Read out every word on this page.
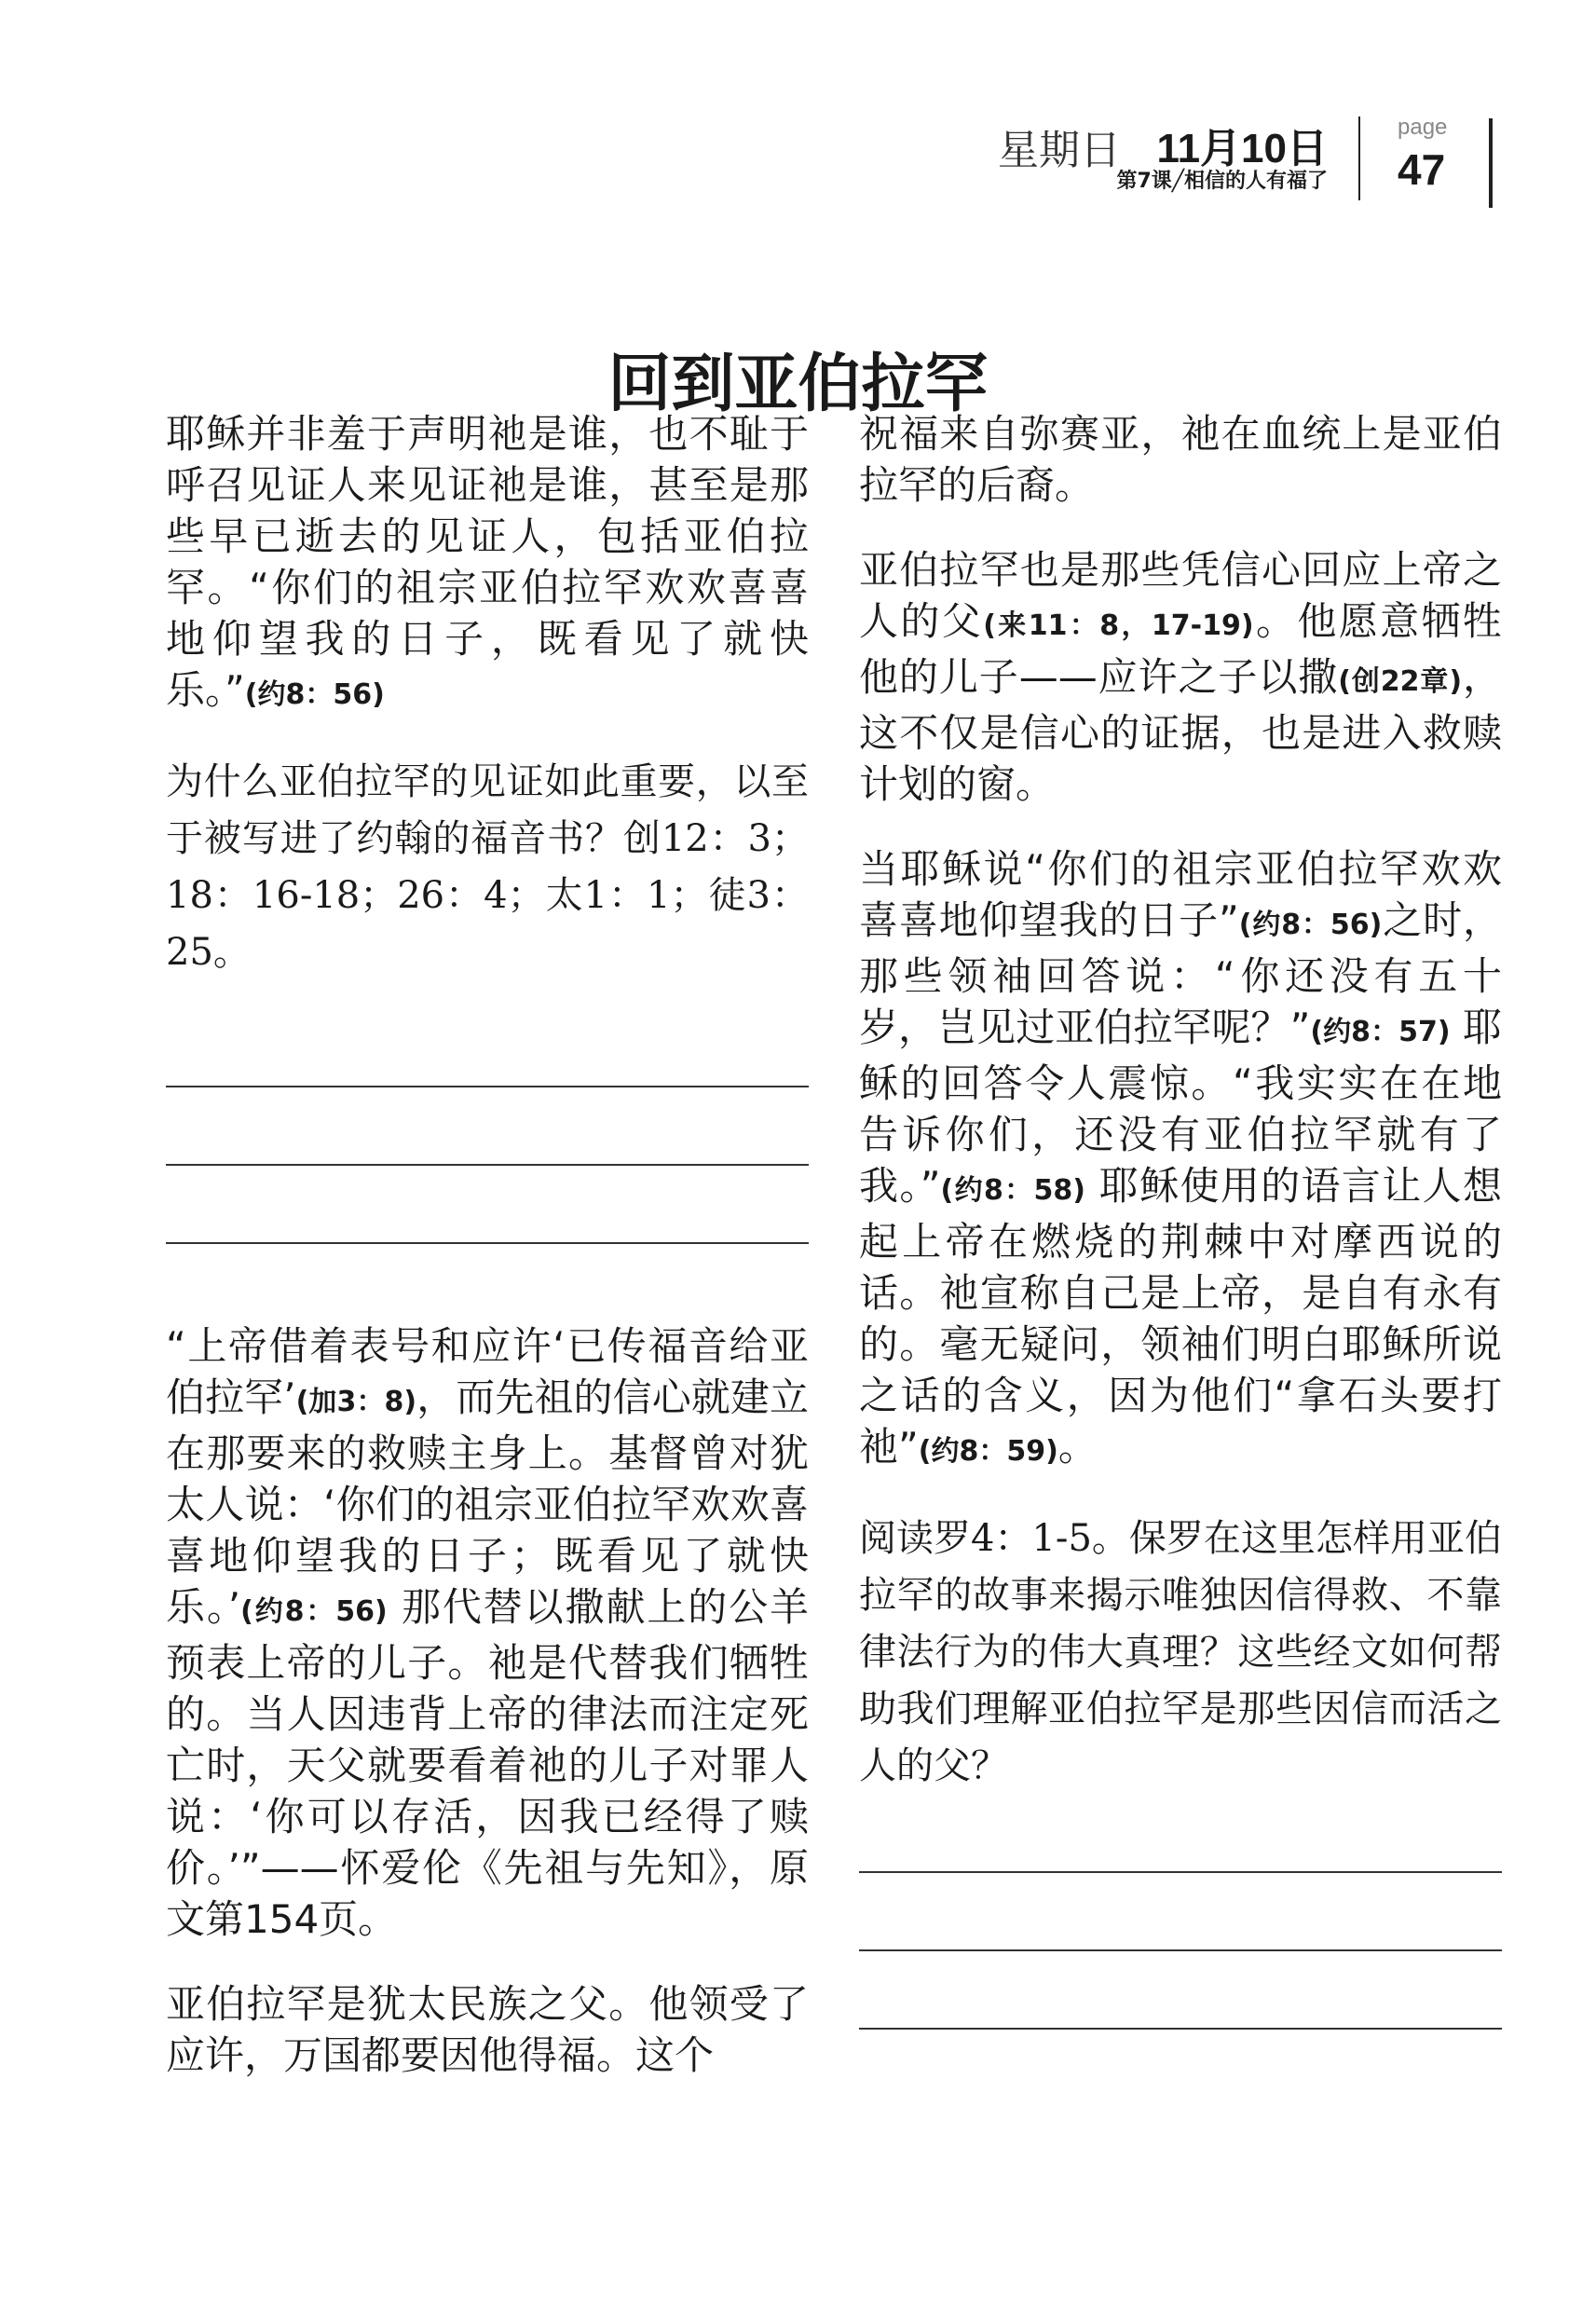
星期日 11月10日
第7课╱相信的人有福了
page
47
回到亚伯拉罕

耶稣并非羞于声明祂是谁，也不耻于呼召见证人来见证祂是谁，甚至是那些早已逝去的见证人，包括亚伯拉罕。“你们的祖宗亚伯拉罕欢欢喜喜地仰望我的日子，既看见了就快乐。”(约8：56)

为什么亚伯拉罕的见证如此重要，以至于被写进了约翰的福音书？创12：3；18：16-18；26：4；太1：1；徒3：25。

“上帝借着表号和应许‘已传福音给亚伯拉罕’(加3：8)，而先祖的信心就建立在那要来的救赎主身上。基督曾对犹太人说：‘你们的祖宗亚伯拉罕欢欢喜喜地仰望我的日子；既看见了就快乐。’(约8：56) 那代替以撒献上的公羊预表上帝的儿子。祂是代替我们牺牲的。当人因违背上帝的律法而注定死亡时，天父就要看着祂的儿子对罪人说：‘你可以存活，因我已经得了赎价。’”——怀爱伦《先祖与先知》，原文第154页。

亚伯拉罕是犹太民族之父。他领受了应许，万国都要因他得福。这个

祝福来自弥赛亚，祂在血统上是亚伯拉罕的后裔。

亚伯拉罕也是那些凭信心回应上帝之人的父(来11：8，17-19)。他愿意牺牲他的儿子——应许之子以撒(创22章)，这不仅是信心的证据，也是进入救赎计划的窗。

当耶稣说“你们的祖宗亚伯拉罕欢欢喜喜地仰望我的日子”(约8：56)之时，那些领袖回答说：“你还没有五十岁，岂见过亚伯拉罕呢？”(约8：57) 耶稣的回答令人震惊。“我实实在在地告诉你们，还没有亚伯拉罕就有了我。”(约8：58) 耶稣使用的语言让人想起上帝在燃烧的荆棘中对摩西说的话。祂宣称自己是上帝，是自有永有的。毫无疑问，领袖们明白耶稣所说之话的含义，因为他们“拿石头要打祂”(约8：59)。

阅读罗4：1-5。保罗在这里怎样用亚伯拉罕的故事来揭示唯独因信得救、不靠律法行为的伟大真理？这些经文如何帮助我们理解亚伯拉罕是那些因信而活之人的父？
